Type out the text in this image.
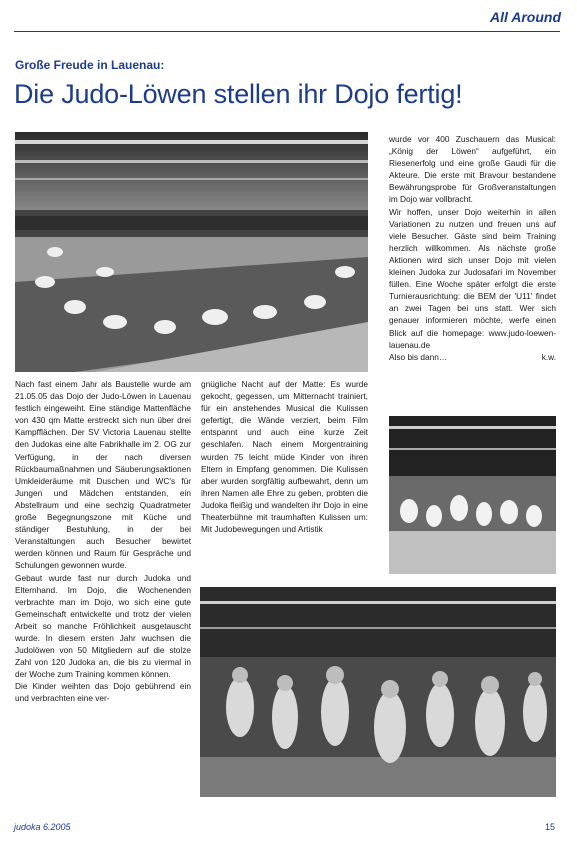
All Around
Große Freude in Lauenau:
Die Judo-Löwen stellen ihr Dojo fertig!

Nach fast einem Jahr als Baustelle wurde am 21.05.05 das Dojo der Judo-Löwen in Lauenau festlich eingeweiht. Eine ständige Mattenfläche von 430 qm Matte erstreckt sich nun über drei Kampfflächen. Der SV Victoria Lauenau stellte den Judokas eine alte Fabrikhalle im 2. OG zur Verfügung, in der nach diversen Rückbaumaßnahmen und Säuberungsaktionen Umkleideräume mit Duschen und WC's für Jungen und Mädchen entstanden, ein Abstellraum und eine sechzig Quadratmeter große Begegnungszone mit Küche und ständiger Bestuhlung, in der bei Veranstaltungen auch Besucher bewirtet werden können und Raum für Gespräche und Schulungen gewonnen wurde.

Gebaut wurde fast nur durch Judoka und Elternhand. Im Dojo, die Wochenenden verbrachte man im Dojo, wo sich eine gute Gemeinschaft entwickelte und trotz der vielen Arbeit so manche Fröhlichkeit ausgetauscht wurde. In diesem ersten Jahr wuchsen die Judolöwen von 50 Mitgliedern auf die stolze Zahl von 120 Judoka an, die bis zu viermal in der Woche zum Training kommen können.

Die Kinder weihten das Dojo gebührend ein und verbrachten eine ver-

gnügliche Nacht auf der Matte: Es wurde gekocht, gegessen, um Mitternacht trainiert, für ein anstehendes Musical die Kulissen gefertigt, die Wände verziert, beim Film entspannt und auch eine kurze Zeit geschlafen. Nach einem Morgentraining wurden 75 leicht müde Kinder von ihren Eltern in Empfang genommen. Die Kulissen aber wurden sorgfältig aufbewahrt, denn um ihren Namen alle Ehre zu geben, probten die Judoka fleißig und wandelten ihr Dojo in eine Theaterbühne mit traumhaften Kulissen um: Mit Judobewegungen und Artistik

wurde vor 400 Zuschauern das Musical: „König der Löwen“ aufgeführt, ein Riesenerfolg und eine große Gaudi für die Akteure. Die erste mit Bravour bestandene Bewährungsprobe für Großveranstaltungen im Dojo war vollbracht.

Wir hoffen, unser Dojo weiterhin in allen Variationen zu nutzen und freuen uns auf viele Besucher. Gäste sind beim Training herzlich willkommen. Als nächste große Aktionen wird sich unser Dojo mit vielen kleinen Judoka zur Judosafari im November füllen. Eine Woche später erfolgt die erste Turnierausrichtung: die BEM der 'U11' findet an zwei Tagen bei uns statt. Wer sich genauer informieren möchte, werfe einen Blick auf die homepage: www.judo-loewen-lauenau.de

Also bis dann…	k.w.
judoka 6.2005	15
